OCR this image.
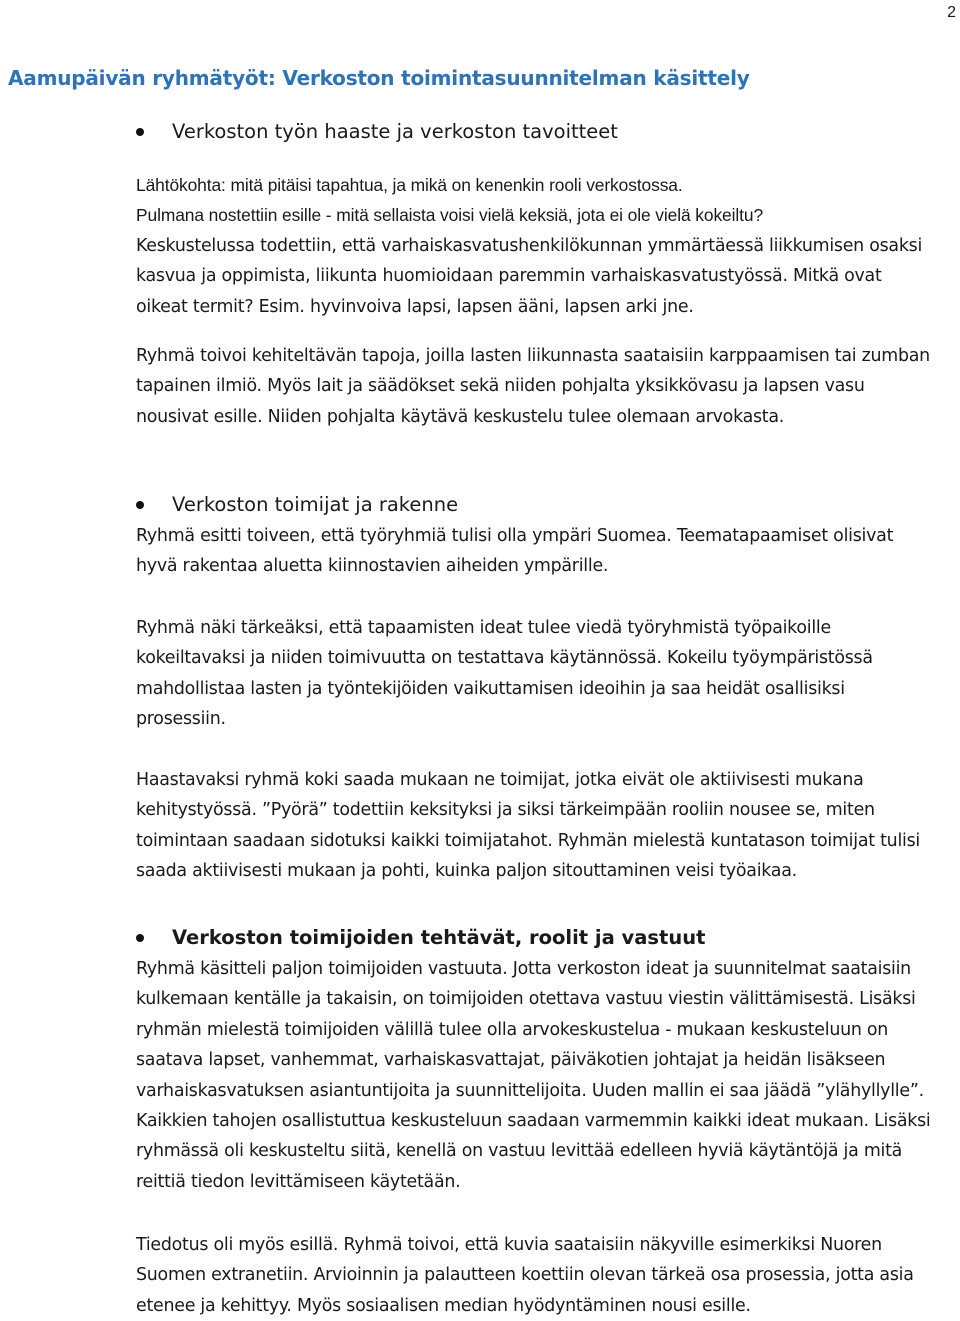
2
Aamupäivän ryhmätyöt: Verkoston toimintasuunnitelman käsittely
Verkoston työn haaste ja verkoston tavoitteet

Lähtökohta: mitä pitäisi tapahtua, ja mikä on kenenkin rooli verkostossa.
Pulmana nostettiin esille - mitä sellaista voisi vielä keksiä, jota ei ole vielä kokeiltu?

Keskustelussa todettiin, että varhaiskasvatushenkilökunnan ymmärtäessä liikkumisen osaksi
kasvua ja oppimista, liikunta huomioidaan paremmin varhaiskasvatustyössä. Mitkä ovat
oikeat termit? Esim. hyvinvoiva lapsi, lapsen ääni, lapsen arki jne.

Ryhmä toivoi kehiteltävän tapoja, joilla lasten liikunnasta saataisiin karppaamisen tai zumban
tapainen ilmiö. Myös lait ja säädökset sekä niiden pohjalta yksikkövasu ja lapsen vasu
nousivat esille. Niiden pohjalta käytävä keskustelu tulee olemaan arvokasta.

Verkoston toimijat ja rakenne

Ryhmä esitti toiveen, että työryhmiä tulisi olla ympäri Suomea. Teematapaamiset olisivat
hyvä rakentaa aluetta kiinnostavien aiheiden ympärille.

Ryhmä näki tärkeäksi, että tapaamisten ideat tulee viedä työryhmistä työpaikoille
kokeiltavaksi ja niiden toimivuutta on testattava käytännössä. Kokeilu työympäristössä
mahdollistaa lasten ja työntekijöiden vaikuttamisen ideoihin ja saa heidät osallisiksi
prosessiin.

Haastavaksi ryhmä koki saada mukaan ne toimijat, jotka eivät ole aktiivisesti mukana
kehitystyössä. ”Pyörä” todettiin keksityksi ja siksi tärkeimpään rooliin nousee se, miten
toimintaan saadaan sidotuksi kaikki toimijatahot. Ryhmän mielestä kuntatason toimijat tulisi
saada aktiivisesti mukaan ja pohti, kuinka paljon sitouttaminen veisi työaikaa.

Verkoston toimijoiden tehtävät, roolit ja vastuut

Ryhmä käsitteli paljon toimijoiden vastuuta. Jotta verkoston ideat ja suunnitelmat saataisiin
kulkemaan kentälle ja takaisin, on toimijoiden otettava vastuu viestin välittämisestä. Lisäksi
ryhmän mielestä toimijoiden välillä tulee olla arvokeskustelua - mukaan keskusteluun on
saatava lapset, vanhemmat, varhaiskasvattajat, päiväkotien johtajat ja heidän lisäkseen
varhaiskasvatuksen asiantuntijoita ja suunnittelijoita. Uuden mallin ei saa jäädä ”ylähyllylle”.
Kaikkien tahojen osallistuttua keskusteluun saadaan varmemmin kaikki ideat mukaan. Lisäksi
ryhmässä oli keskusteltu siitä, kenellä on vastuu levittää edelleen hyviä käytäntöjä ja mitä
reittiä tiedon levittämiseen käytetään.

Tiedotus oli myös esillä. Ryhmä toivoi, että kuvia saataisiin näkyville esimerkiksi Nuoren
Suomen extranetiin. Arvioinnin ja palautteen koettiin olevan tärkeä osa prosessia, jotta asia
etenee ja kehittyy. Myös sosiaalisen median hyödyntäminen nousi esille.
